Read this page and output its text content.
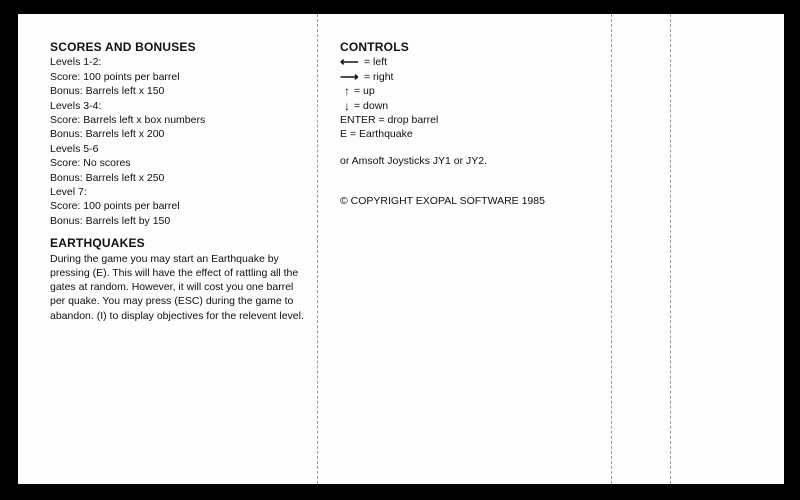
SCORES AND BONUSES
Levels 1-2:
Score: 100 points per barrel
Bonus: Barrels left x 150
Levels 3-4:
Score: Barrels left x box numbers
Bonus: Barrels left x 200
Levels 5-6
Score: No scores
Bonus: Barrels left x 250
Level 7:
Score: 100 points per barrel
Bonus: Barrels left by 150
EARTHQUAKES
During the game you may start an Earthquake by pressing (E). This will have the effect of rattling all the gates at random. However, it will cost you one barrel per quake. You may press (ESC) during the game to abandon. (I) to display objectives for the relevent level.
CONTROLS
⟵ = left
⟶ = right
↑ = up
↓ = down
ENTER = drop barrel
E = Earthquake
or Amsoft Joysticks JY1 or JY2.
© COPYRIGHT EXOPAL SOFTWARE 1985
